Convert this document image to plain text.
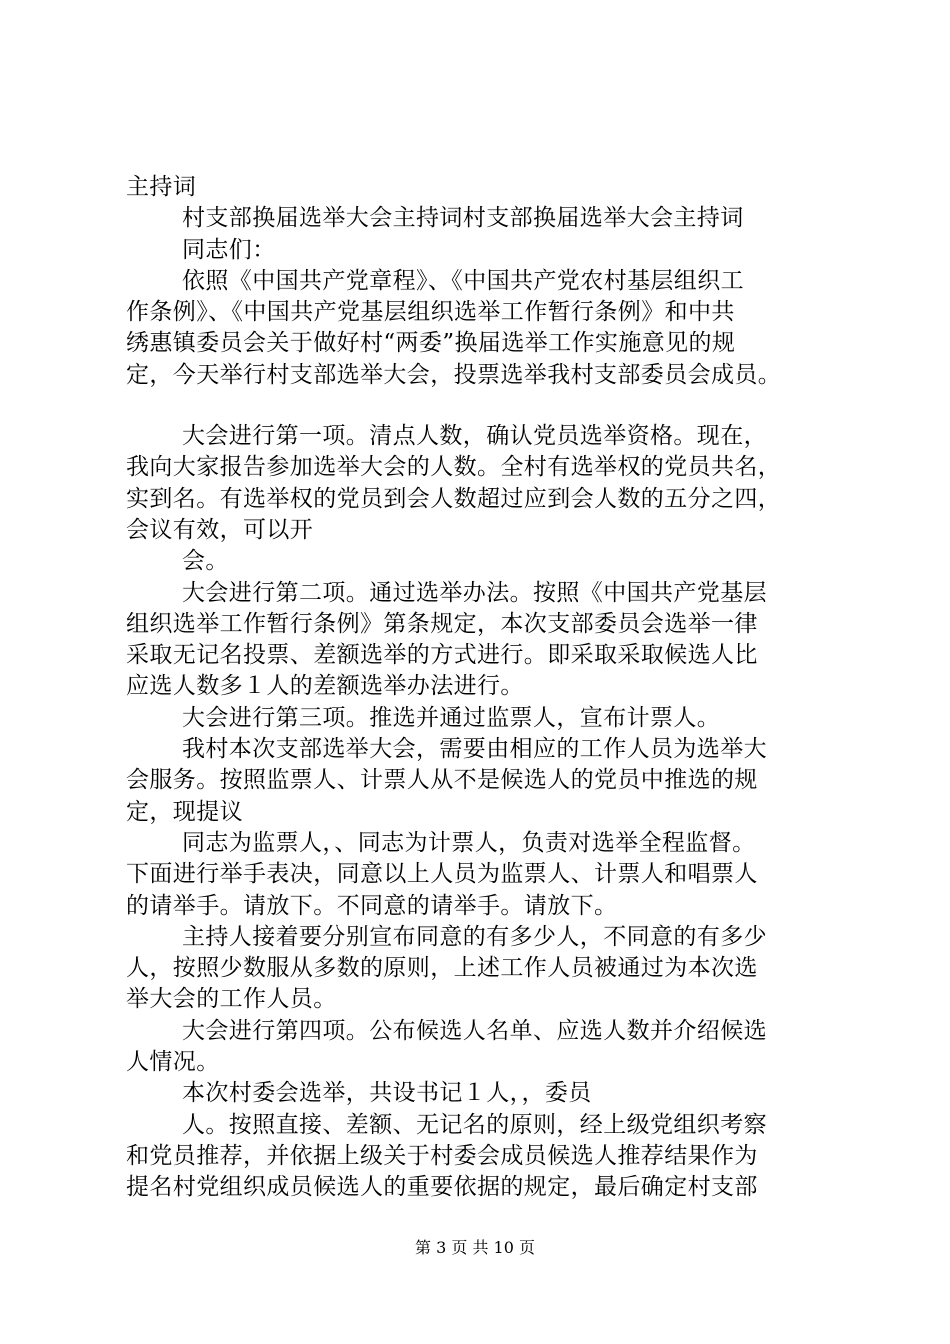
主持词
村支部换届选举大会主持词村支部换届选举大会主持词
同志们：
依照《中国共产党章程》、《中国共产党农村基层组织工
作条例》、《中国共产党基层组织选举工作暂行条例》和中共
绣惠镇委员会关于做好村“两委”换届选举工作实施意见的规
定，今天举行村支部选举大会，投票选举我村支部委员会成员。
大会进行第一项。清点人数，确认党员选举资格。现在，
我向大家报告参加选举大会的人数。全村有选举权的党员共名，
实到名。有选举权的党员到会人数超过应到会人数的五分之四，
会议有效，可以开
会。
大会进行第二项。通过选举办法。按照《中国共产党基层
组织选举工作暂行条例》第条规定，本次支部委员会选举一律
采取无记名投票、差额选举的方式进行。即采取采取候选人比
应选人数多１人的差额选举办法进行。
大会进行第三项。推选并通过监票人，宣布计票人。
我村本次支部选举大会，需要由相应的工作人员为选举大
会服务。按照监票人、计票人从不是候选人的党员中推选的规
定，现提议
同志为监票人，、同志为计票人，负责对选举全程监督。
下面进行举手表决，同意以上人员为监票人、计票人和唱票人
的请举手。请放下。不同意的请举手。请放下。
主持人接着要分别宣布同意的有多少人，不同意的有多少
人，按照少数服从多数的原则，上述工作人员被通过为本次选
举大会的工作人员。
大会进行第四项。公布候选人名单、应选人数并介绍候选
人情况。
本次村委会选举，共设书记１人，，委员
人。按照直接、差额、无记名的原则，经上级党组织考察
和党员推荐，并依据上级关于村委会成员候选人推荐结果作为
提名村党组织成员候选人的重要依据的规定，最后确定村支部
第 3 页 共 10 页
